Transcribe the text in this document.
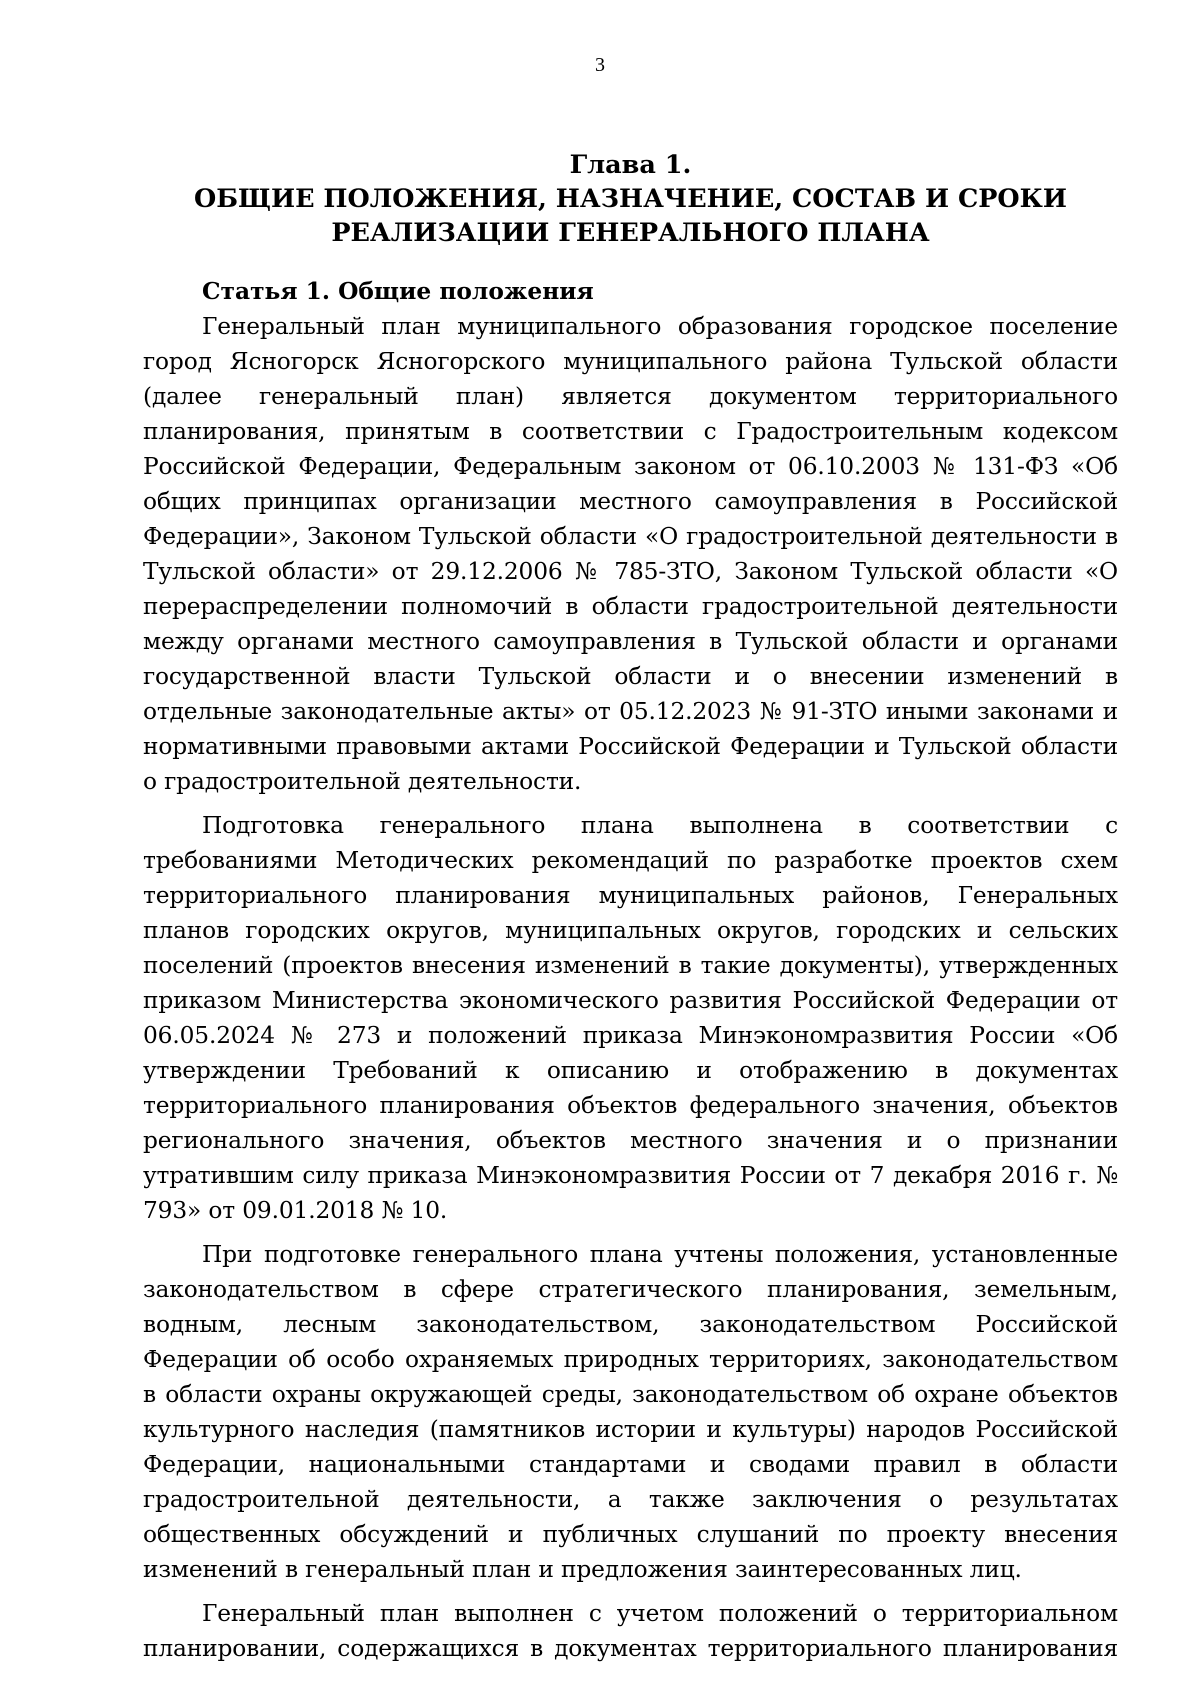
3
Глава 1.
ОБЩИЕ ПОЛОЖЕНИЯ, НАЗНАЧЕНИЕ, СОСТАВ И СРОКИ
РЕАЛИЗАЦИИ ГЕНЕРАЛЬНОГО ПЛАНА

Статья 1. Общие положения

Генеральный план муниципального образования городское поселение город Ясногорск Ясногорского муниципального района Тульской области (далее генеральный план) является документом территориального планирования, принятым в соответствии с Градостроительным кодексом Российской Федерации, Федеральным законом от 06.10.2003 № 131-ФЗ «Об общих принципах организации местного самоуправления в Российской Федерации», Законом Тульской области «О градостроительной деятельности в Тульской области» от 29.12.2006 № 785-ЗТО, Законом Тульской области «О перераспределении полномочий в области градостроительной деятельности между органами местного самоуправления в Тульской области и органами государственной власти Тульской области и о внесении изменений в отдельные законодательные акты» от 05.12.2023 № 91-ЗТО иными законами и нормативными правовыми актами Российской Федерации и Тульской области о градостроительной деятельности.

Подготовка генерального плана выполнена в соответствии с требованиями Методических рекомендаций по разработке проектов схем территориального планирования муниципальных районов, Генеральных планов городских округов, муниципальных округов, городских и сельских поселений (проектов внесения изменений в такие документы), утвержденных приказом Министерства экономического развития Российской Федерации от 06.05.2024 № 273 и положений приказа Минэкономразвития России «Об утверждении Требований к описанию и отображению в документах территориального планирования объектов федерального значения, объектов регионального значения, объектов местного значения и о признании утратившим силу приказа Минэкономразвития России от 7 декабря 2016 г. № 793» от 09.01.2018 № 10.

При подготовке генерального плана учтены положения, установленные законодательством в сфере стратегического планирования, земельным, водным, лесным законодательством, законодательством Российской Федерации об особо охраняемых природных территориях, законодательством в области охраны окружающей среды, законодательством об охране объектов культурного наследия (памятников истории и культуры) народов Российской Федерации, национальными стандартами и сводами правил в области градостроительной деятельности, а также заключения о результатах общественных обсуждений и публичных слушаний по проекту внесения изменений в генеральный план и предложения заинтересованных лиц.

Генеральный план выполнен с учетом положений о территориальном планировании, содержащихся в документах территориального планирования
